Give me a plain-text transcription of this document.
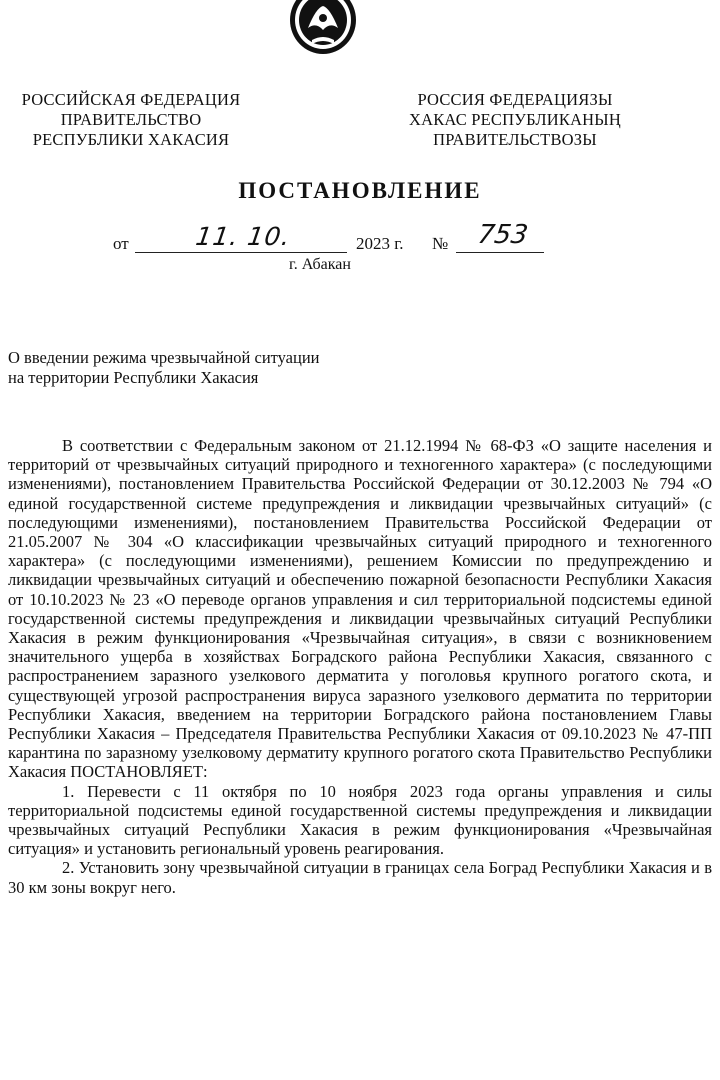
РОССИЙСКАЯ ФЕДЕРАЦИЯ
ПРАВИТЕЛЬСТВО
РЕСПУБЛИКИ ХАКАСИЯ
РОССИЯ ФЕДЕРАЦИЯЗЫ
ХАКАС РЕСПУБЛИКАНЫҢ
ПРАВИТЕЛЬСТВОЗЫ
ПОСТАНОВЛЕНИЕ
от	11. 10.	2023 г. № 753
г. Абакан
О введении режима чрезвычайной ситуации
на территории Республики Хакасия

В соответствии с Федеральным законом от 21.12.1994 № 68-ФЗ «О защите населения и территорий от чрезвычайных ситуаций природного и техногенного характера» (с последующими изменениями), постановлением Правительства Российской Федерации от 30.12.2003 № 794 «О единой государственной системе предупреждения и ликвидации чрезвычайных ситуаций» (с последующими изменениями), постановлением Правительства Российской Федерации от 21.05.2007 № 304 «О классификации чрезвычайных ситуаций природного и техногенного характера» (с последующими изменениями), решением Комиссии по предупреждению и ликвидации чрезвычайных ситуаций и обеспечению пожарной безопасности Республики Хакасия от 10.10.2023 № 23 «О переводе органов управления и сил территориальной подсистемы единой государственной системы предупреждения и ликвидации чрезвычайных ситуаций Республики Хакасия в режим функционирования «Чрезвычайная ситуация», в связи с возникновением значительного ущерба в хозяйствах Боградского района Республики Хакасия, связанного с распространением заразного узелкового дерматита у поголовья крупного рогатого скота, и существующей угрозой распространения вируса заразного узелкового дерматита по территории Республики Хакасия, введением на территории Боградского района постановлением Главы Республики Хакасия – Председателя Правительства Республики Хакасия от 09.10.2023 № 47-ПП карантина по заразному узелковому дерматиту крупного рогатого скота Правительство Республики Хакасия ПОСТАНОВЛЯЕТ:

1. Перевести с 11 октября по 10 ноября 2023 года органы управления и силы территориальной подсистемы единой государственной системы предупреждения и ликвидации чрезвычайных ситуаций Республики Хакасия в режим функционирования «Чрезвычайная ситуация» и установить региональный уровень реагирования.

2. Установить зону чрезвычайной ситуации в границах села Боград Республики Хакасия и в 30 км зоны вокруг него.
